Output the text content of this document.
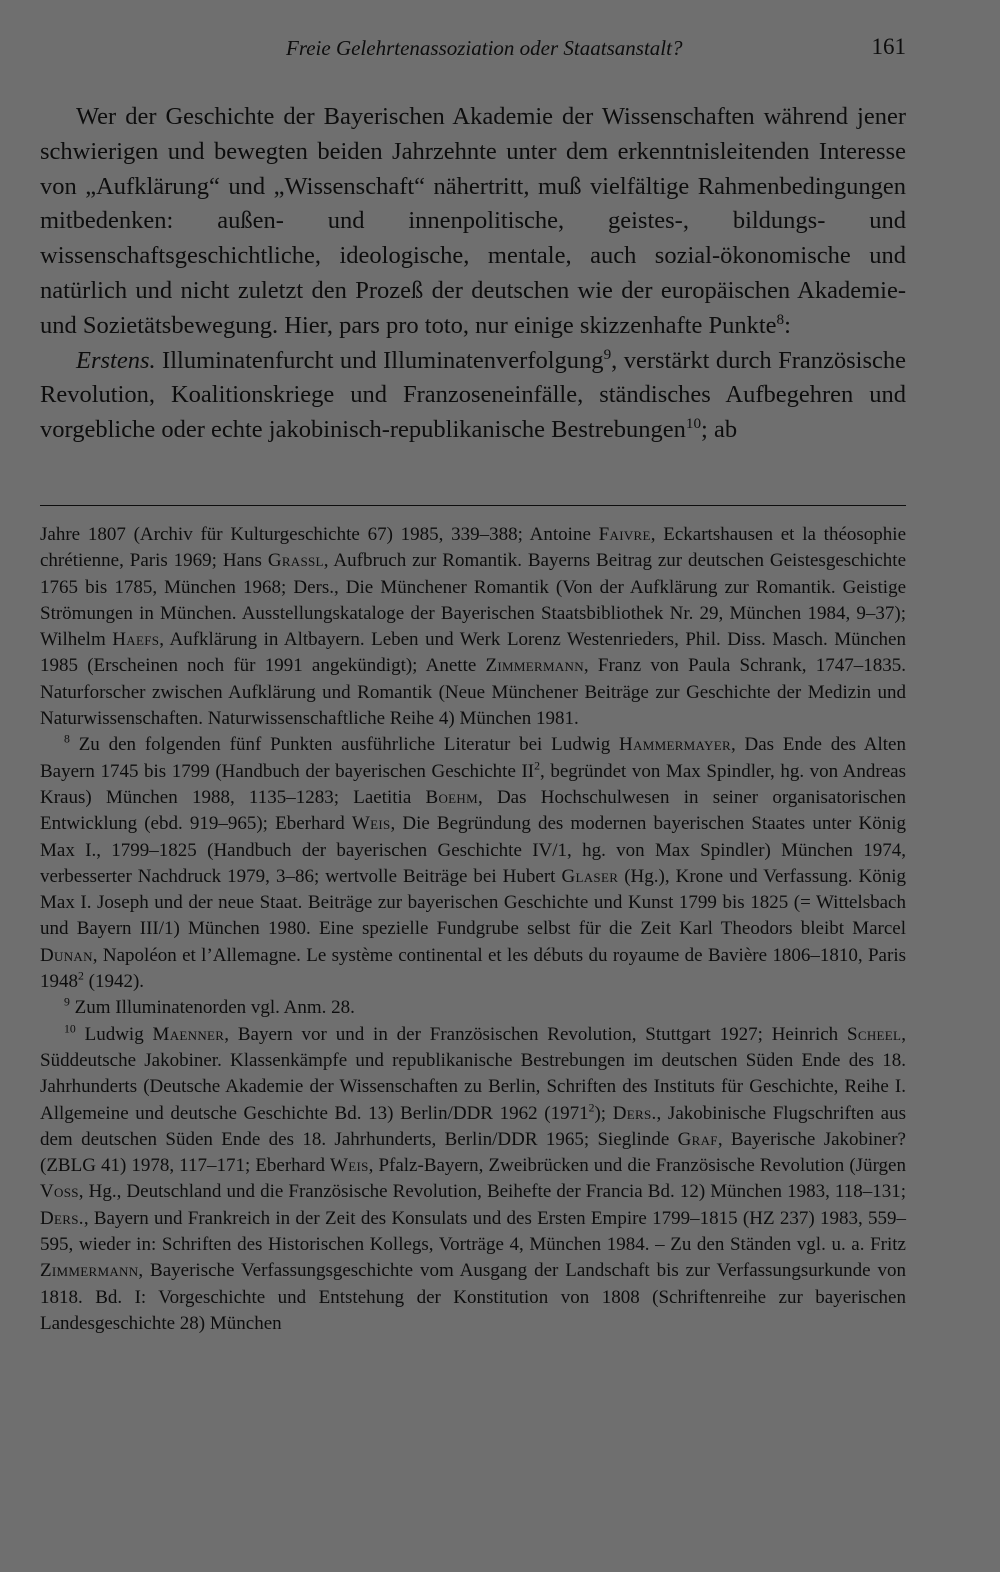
Freie Gelehrtenassoziation oder Staatsanstalt?	161

Wer der Geschichte der Bayerischen Akademie der Wissenschaften während jener schwierigen und bewegten beiden Jahrzehnte unter dem erkenntnisleitenden Interesse von „Aufklärung“ und „Wissenschaft“ nähertritt, muß vielfältige Rahmenbedingungen mitbedenken: außen- und innenpolitische, geistes-, bildungs- und wissenschaftsgeschichtliche, ideologische, mentale, auch sozial-ökonomische und natürlich und nicht zuletzt den Prozeß der deutschen wie der europäischen Akademie- und Sozietätsbewegung. Hier, pars pro toto, nur einige skizzenhafte Punkte$^8$:

Erstens. Illuminatenfurcht und Illuminatenverfolgung$^9$, verstärkt durch Französische Revolution, Koalitionskriege und Franzoseneinfälle, ständisches Aufbegehren und vorgebliche oder echte jakobinisch-republikanische Bestrebungen$^{10}$; ab

Jahre 1807 (Archiv für Kulturgeschichte 67) 1985, 339–388; Antoine Faivre, Eckartshausen et la théosophie chrétienne, Paris 1969; Hans Grassl, Aufbruch zur Romantik. Bayerns Beitrag zur deutschen Geistesgeschichte 1765 bis 1785, München 1968; Ders., Die Münchener Romantik (Von der Aufklärung zur Romantik. Geistige Strömungen in München. Ausstellungskataloge der Bayerischen Staatsbibliothek Nr. 29, München 1984, 9–37); Wilhelm Haefs, Aufklärung in Altbayern. Leben und Werk Lorenz Westenrieders, Phil. Diss. Masch. München 1985 (Erscheinen noch für 1991 angekündigt); Anette Zimmermann, Franz von Paula Schrank, 1747–1835. Naturforscher zwischen Aufklärung und Romantik (Neue Münchener Beiträge zur Geschichte der Medizin und Naturwissenschaften. Naturwissenschaftliche Reihe 4) München 1981.

$^8$ Zu den folgenden fünf Punkten ausführliche Literatur bei Ludwig Hammermayer, Das Ende des Alten Bayern 1745 bis 1799 (Handbuch der bayerischen Geschichte $II^2$, begründet von Max Spindler, hg. von Andreas Kraus) München 1988, 1135–1283; Laetitia Boehm, Das Hochschulwesen in seiner organisatorischen Entwicklung (ebd. 919–965); Eberhard Weis, Die Begründung des modernen bayerischen Staates unter König Max I., 1799–1825 (Handbuch der bayerischen Geschichte IV/1, hg. von Max Spindler) München 1974, verbesserter Nachdruck 1979, 3–86; wertvolle Beiträge bei Hubert Glaser (Hg.), Krone und Verfassung. König Max I. Joseph und der neue Staat. Beiträge zur bayerischen Geschichte und Kunst 1799 bis 1825 (= Wittelsbach und Bayern III/1) München 1980. Eine spezielle Fundgrube selbst für die Zeit Karl Theodors bleibt Marcel Dunan, Napoléon et l’Allemagne. Le système continental et les débuts du royaume de Bavière 1806–1810, Paris 1948$^2$ (1942).

$^9$ Zum Illuminatenorden vgl. Anm. 28.

$^{10}$ Ludwig Maenner, Bayern vor und in der Französischen Revolution, Stuttgart 1927; Heinrich Scheel, Süddeutsche Jakobiner. Klassenkämpfe und republikanische Bestrebungen im deutschen Süden Ende des 18. Jahrhunderts (Deutsche Akademie der Wissenschaften zu Berlin, Schriften des Instituts für Geschichte, Reihe I. Allgemeine und deutsche Geschichte Bd. 13) Berlin/DDR 1962 (1971$^2$); Ders., Jakobinische Flugschriften aus dem deutschen Süden Ende des 18. Jahrhunderts, Berlin/DDR 1965; Sieglinde Graf, Bayerische Jakobiner? (ZBLG 41) 1978, 117–171; Eberhard Weis, Pfalz-Bayern, Zweibrücken und die Französische Revolution (Jürgen Voss, Hg., Deutschland und die Französische Revolution, Beihefte der Francia Bd. 12) München 1983, 118–131; Ders., Bayern und Frankreich in der Zeit des Konsulats und des Ersten Empire 1799–1815 (HZ 237) 1983, 559–595, wieder in: Schriften des Historischen Kollegs, Vorträge 4, München 1984. – Zu den Ständen vgl. u. a. Fritz Zimmermann, Bayerische Verfassungsgeschichte vom Ausgang der Landschaft bis zur Verfassungsurkunde von 1818. Bd. I: Vorgeschichte und Entstehung der Konstitution von 1808 (Schriftenreihe zur bayerischen Landesgeschichte 28) München
